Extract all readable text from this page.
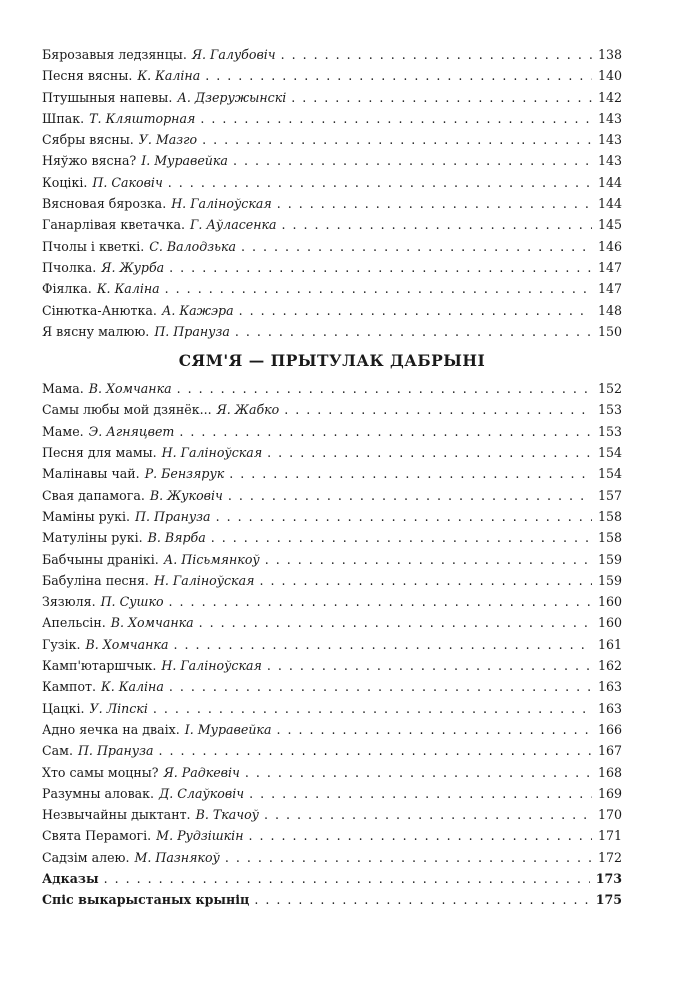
Бярозавыя ледзянцы. Я. Галубовіч . . .	138
Песня вясны. К. Каліна . . .	140
Птушыныя напевы. А. Дзеружынскі . . .	142
Шпак. Т. Кляшторная . . .	143
Сябры вясны. У. Мазго . . .	143
Няўжо вясна? І. Муравейка . . .	143
Коцікі. П. Саковіч . . .	144
Вясновая бярозка. Н. Галіноўская . . .	144
Ганарлівая кветачка. Г. Аўласенка . . .	145
Пчолы і кветкі. С. Валодзька . . .	146
Пчолка. Я. Журба . . .	147
Фіялка. К. Каліна . . .	147
Сінютка-Анютка. А. Кажэра . . .	148
Я вясну малюю. П. Прануза . . .	150
СЯМ'Я — ПРЫТУЛАК ДАБРЫНІ
Мама. В. Хомчанка . . .	152
Самы любы мой дзянёк... Я. Жабко . . .	153
Маме. Э. Агняцвет . . .	153
Песня для мамы. Н. Галіноўская . . .	154
Малінавы чай. Р. Бензярук . . .	154
Свая дапамога. В. Жуковіч . . .	157
Маміны рукі. П. Прануза . . .	158
Матуліны рукі. В. Вярба . . .	158
Бабчыны дранікі. А. Пісьмянкоў . . .	159
Бабуліна песня. Н. Галіноўская . . .	159
Зязюля. П. Сушко . . .	160
Апельсін. В. Хомчанка . . .	160
Гузік. В. Хомчанка . . .	161
Камп'ютаршчык. Н. Галіноўская . . .	162
Кампот. К. Каліна . . .	163
Цацкі. У. Ліпскі . . .	163
Адно яечка на дваіх. І. Муравейка . . .	166
Сам. П. Прануза . . .	167
Хто самы моцны? Я. Радкевіч . . .	168
Разумны аловак. Д. Слаўковіч . . .	169
Незвычайны дыктант. В. Ткачоў . . .	170
Свята Перамогі. М. Рудзішкін . . .	171
Садзім алею. М. Пазнякоў . . .	172
Адказы . . .	173
Спіс выкарыстаных крыніц . . .	175
